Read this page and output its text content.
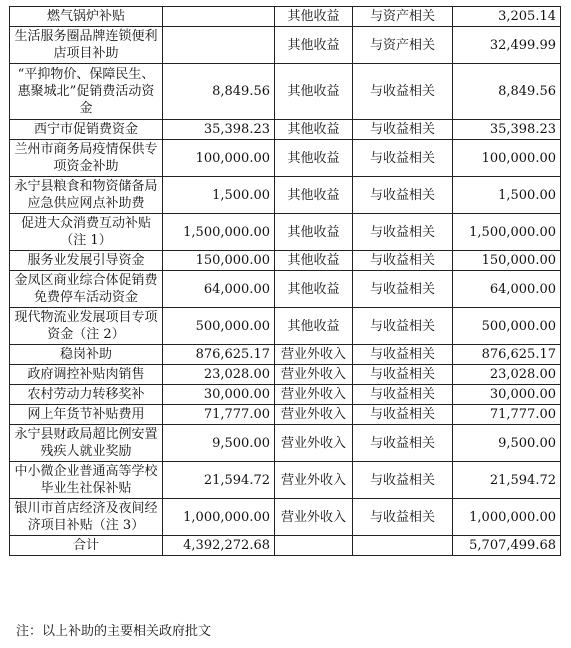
燃气锅炉补贴		其他收益	与资产相关	3,205.14
生活服务圈品牌连锁便利店项目补助		其他收益	与资产相关	32,499.99
“平抑物价、保障民生、惠聚城北”促销费活动资金	8,849.56	其他收益	与收益相关	8,849.56
西宁市促销费资金	35,398.23	其他收益	与收益相关	35,398.23
兰州市商务局疫情保供专项资金补助	100,000.00	其他收益	与收益相关	100,000.00
永宁县粮食和物资储备局应急供应网点补助费	1,500.00	其他收益	与收益相关	1,500.00
促进大众消费互动补贴（注 1）	1,500,000.00	其他收益	与收益相关	1,500,000.00
服务业发展引导资金	150,000.00	其他收益	与收益相关	150,000.00
金凤区商业综合体促销费免费停车活动资金	64,000.00	其他收益	与收益相关	64,000.00
现代物流业发展项目专项资金（注 2）	500,000.00	其他收益	与收益相关	500,000.00
稳岗补助	876,625.17	营业外收入	与收益相关	876,625.17
政府调控补贴肉销售	23,028.00	营业外收入	与收益相关	23,028.00
农村劳动力转移奖补	30,000.00	营业外收入	与收益相关	30,000.00
网上年货节补贴费用	71,777.00	营业外收入	与收益相关	71,777.00
永宁县财政局超比例安置残疾人就业奖励	9,500.00	营业外收入	与收益相关	9,500.00
中小微企业普通高等学校毕业生社保补贴	21,594.72	营业外收入	与收益相关	21,594.72
银川市首店经济及夜间经济项目补贴（注 3）	1,000,000.00	营业外收入	与收益相关	1,000,000.00
合计	4,392,272.68			5,707,499.68
注：以上补助的主要相关政府批文
